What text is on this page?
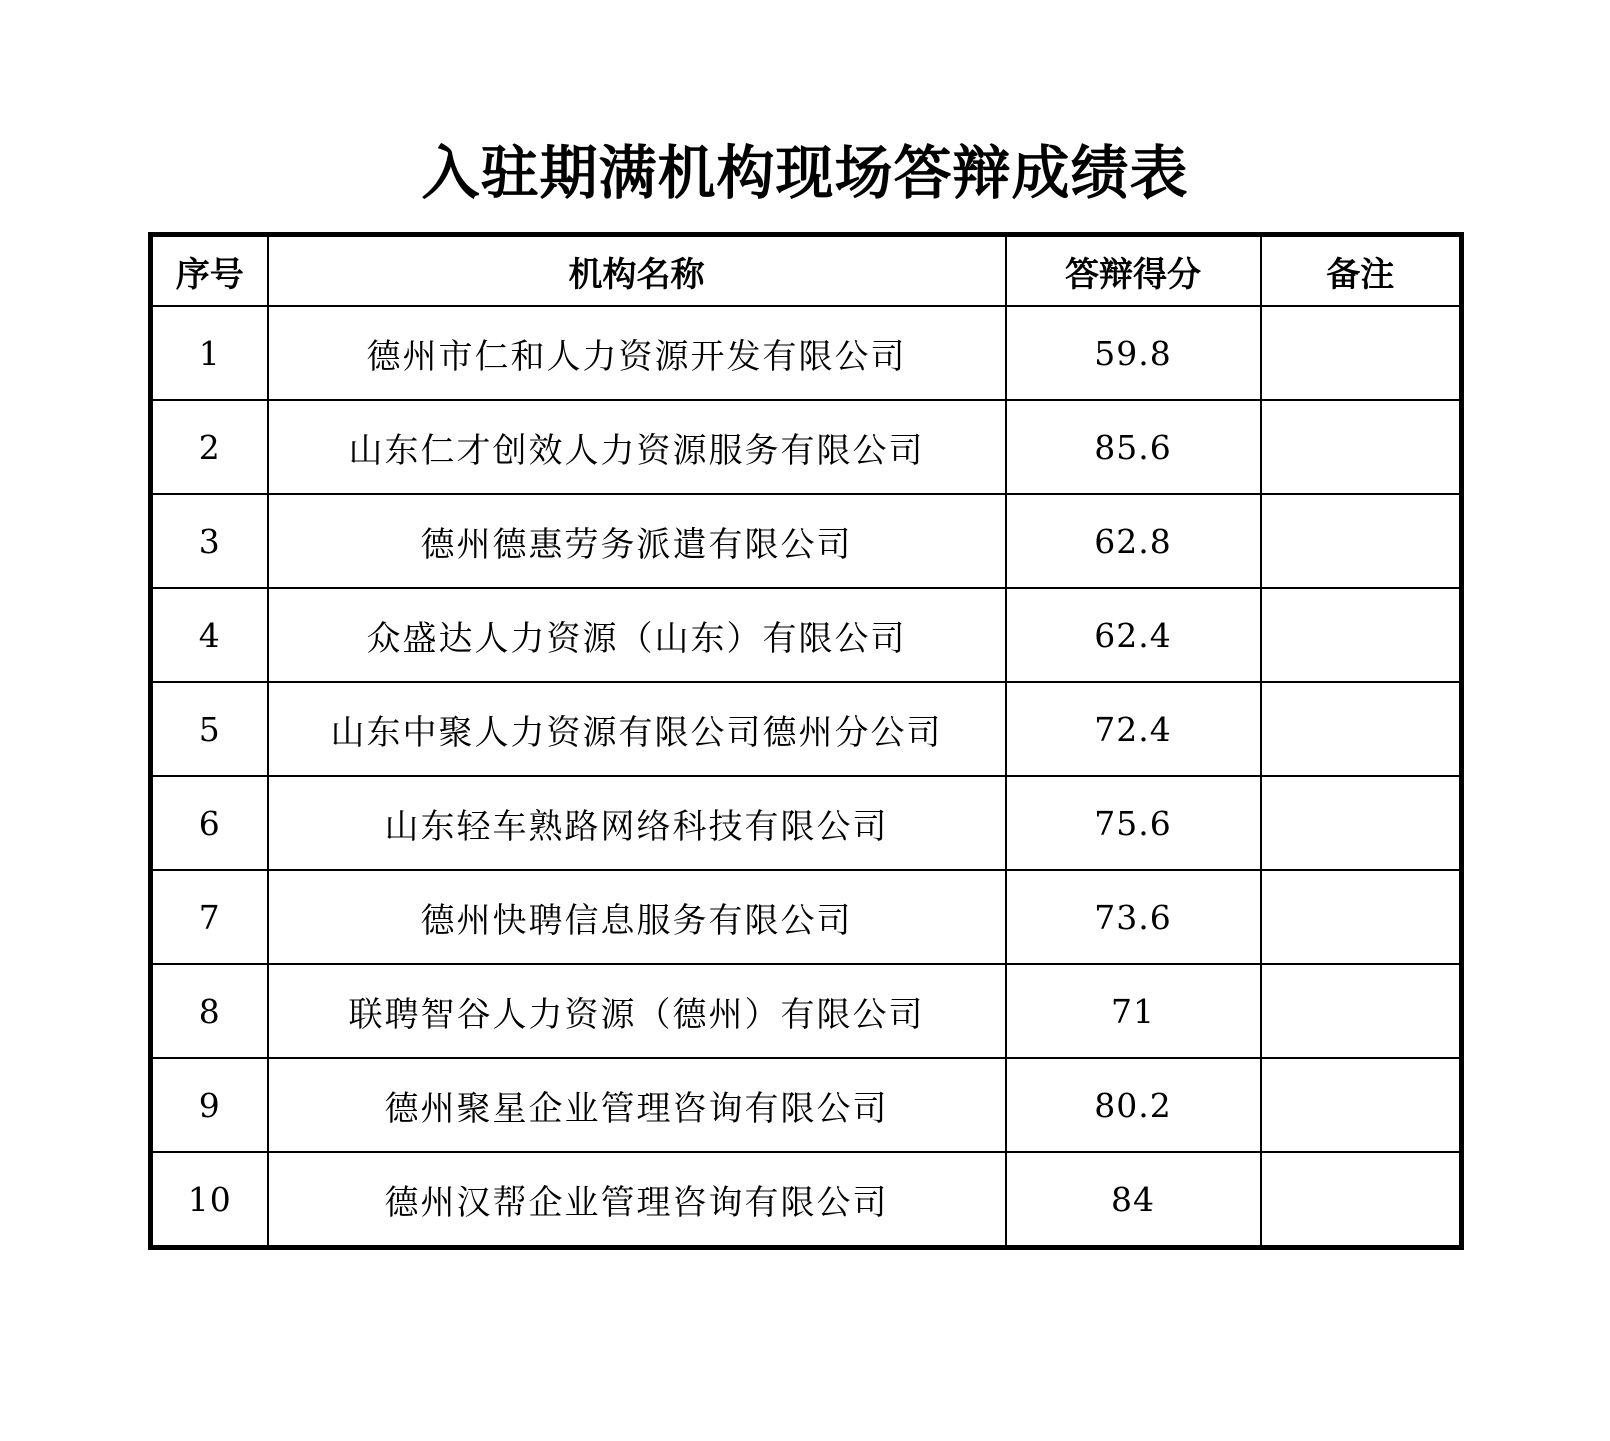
入驻期满机构现场答辩成绩表
序号	机构名称	答辩得分	备注
1	德州市仁和人力资源开发有限公司	59.8	
2	山东仁才创效人力资源服务有限公司	85.6	
3	德州德惠劳务派遣有限公司	62.8	
4	众盛达人力资源（山东）有限公司	62.4	
5	山东中聚人力资源有限公司德州分公司	72.4	
6	山东轻车熟路网络科技有限公司	75.6	
7	德州快聘信息服务有限公司	73.6	
8	联聘智谷人力资源（德州）有限公司	71	
9	德州聚星企业管理咨询有限公司	80.2	
10	德州汉帮企业管理咨询有限公司	84	
